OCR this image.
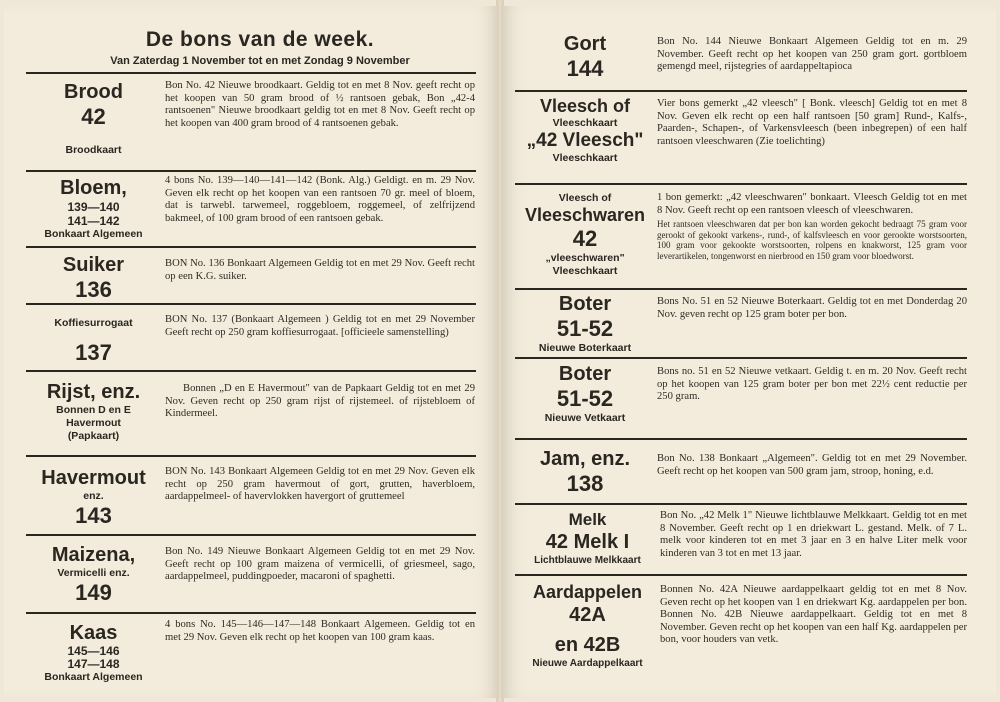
De bons van de week.
Van Zaterdag 1 November tot en met Zondag 9 November
Brood
42
Broodkaart
Bon No. 42 Nieuwe broodkaart. Geldig tot en met 8 Nov. geeft recht op het koopen van 50 gram brood of ½ rantsoen gebak, Bon „42-4 rantsoenen" Nieuwe broodkaart geldig tot en met 8 Nov. Geeft recht op het koopen van 400 gram brood of 4 rantsoenen gebak.
Bloem,
139—140
141—142
Bonkaart Algemeen
4 bons No. 139—140—141—142 (Bonk. Alg.) Geldigt. en m. 29 Nov. Geven elk recht op het koopen van een rantsoen 70 gr. meel of bloem, dat is tarwebl. tarwemeel, roggebloem, roggemeel, of zelfrijzend bakmeel, of 100 gram brood of een rantsoen gebak.
Suiker
136
BON No. 136 Bonkaart Algemeen Geldig tot en met 29 Nov. Geeft recht op een K.G. suiker.
Koffiesurrogaat
137
BON No. 137 (Bonkaart Algemeen ) Geldig tot en met 29 November Geeft recht op 250 gram koffiesurrogaat. [officieele samenstelling)
Rijst, enz.
Bonnen D en E
Havermout
(Papkaart)
Bonnen „D en E Havermout" van de Papkaart Geldig tot en met 29 Nov. Geven recht op 250 gram rijst of rijstemeel. of rijstebloem of Kindermeel.
Havermout
enz.
143
BON No. 143 Bonkaart Algemeen Geldig tot en met 29 Nov. Geven elk recht op 250 gram havermout of gort, grutten, haverbloem, aardappelmeel- of havervlokken havergort of gruttemeel
Maizena,
Vermicelli enz.
149
Bon No. 149 Nieuwe Bonkaart Algemeen Geldig tot en met 29 Nov. Geeft recht op 100 gram maizena of vermicelli, of griesmeel, sago, aardappelmeel, puddingpoeder, macaroni of spaghetti.
Kaas
145—146
147—148
Bonkaart Algemeen
4 bons No. 145—146—147—148 Bonkaart Algemeen. Geldig tot en met 29 Nov. Geven elk recht op het koopen van 100 gram kaas.
Gort
144
Bon No. 144 Nieuwe Bonkaart Algemeen Geldig tot en m. 29 November. Geeft recht op het koopen van 250 gram gort. gortbloem gemengd meel, rijstegries of aardappeltapioca
Vleesch of
Vleeschkaart
„42 Vleesch"
Vleeschkaart
Vier bons gemerkt „42 vleesch" [ Bonk. vleesch] Geldig tot en met 8 Nov. Geven elk recht op een half rantsoen [50 gram] Rund-, Kalfs-, Paarden-, Schapen-, of Varkensvleesch (been inbegrepen) of een half rantsoen vleeschwaren (Zie toelichting)
Vleesch of
Vleeschwaren
42
„vleeschwaren"
Vleeschkaart
1 bon gemerkt: „42 vleeschwaren" bonkaart. Vleesch Geldig tot en met 8 Nov. Geeft recht op een rantsoen vleesch of vleeschwaren.
Het rantsoen vleeschwaren dat per bon kan worden gekocht bedraagt 75 gram voor gerookt of gekookt varkens-, rund-, of kalfsvleesch en voor gerookte worstsoorten, 100 gram voor gekookte worstsoorten, rolpens en knakworst, 125 gram voor leverartikelen, tongenworst en nierbrood en 150 gram voor bloedworst.
Boter
51-52
Nieuwe Boterkaart
Bons No. 51 en 52 Nieuwe Boterkaart. Geldig tot en met Donderdag 20 Nov. geven recht op 125 gram boter per bon.
Boter
51-52
Nieuwe Vetkaart
Bons no. 51 en 52 Nieuwe vetkaart. Geldig t. en m. 20 Nov. Geeft recht op het koopen van 125 gram boter per bon met 22½ cent reductie per 250 gram.
Jam, enz.
138
Bon No. 138 Bonkaart „Algemeen". Geldig tot en met 29 November. Geeft recht op het koopen van 500 gram jam, stroop, honing, e.d.
Melk
42 Melk I
Lichtblauwe Melkkaart
Bon No. „42 Melk 1" Nieuwe lichtblauwe Melkkaart. Geldig tot en met 8 November. Geeft recht op 1 en driekwart L. gestand. Melk. of 7 L. melk voor kinderen tot en met 3 jaar en 3 en halve Liter melk voor kinderen van 3 tot en met 13 jaar.
Aardappelen
42A
en 42B
Nieuwe Aardappelkaart
Bonnen No. 42A Nieuwe aardappelkaart geldig tot en met 8 Nov. Geven recht op het koopen van 1 en driekwart Kg. aardappelen per bon. Bonnen No. 42B Nieuwe aardappelkaart. Geldig tot en met 8 November. Geven recht op het koopen van een half Kg. aardappelen per bon, voor houders van vetk.
